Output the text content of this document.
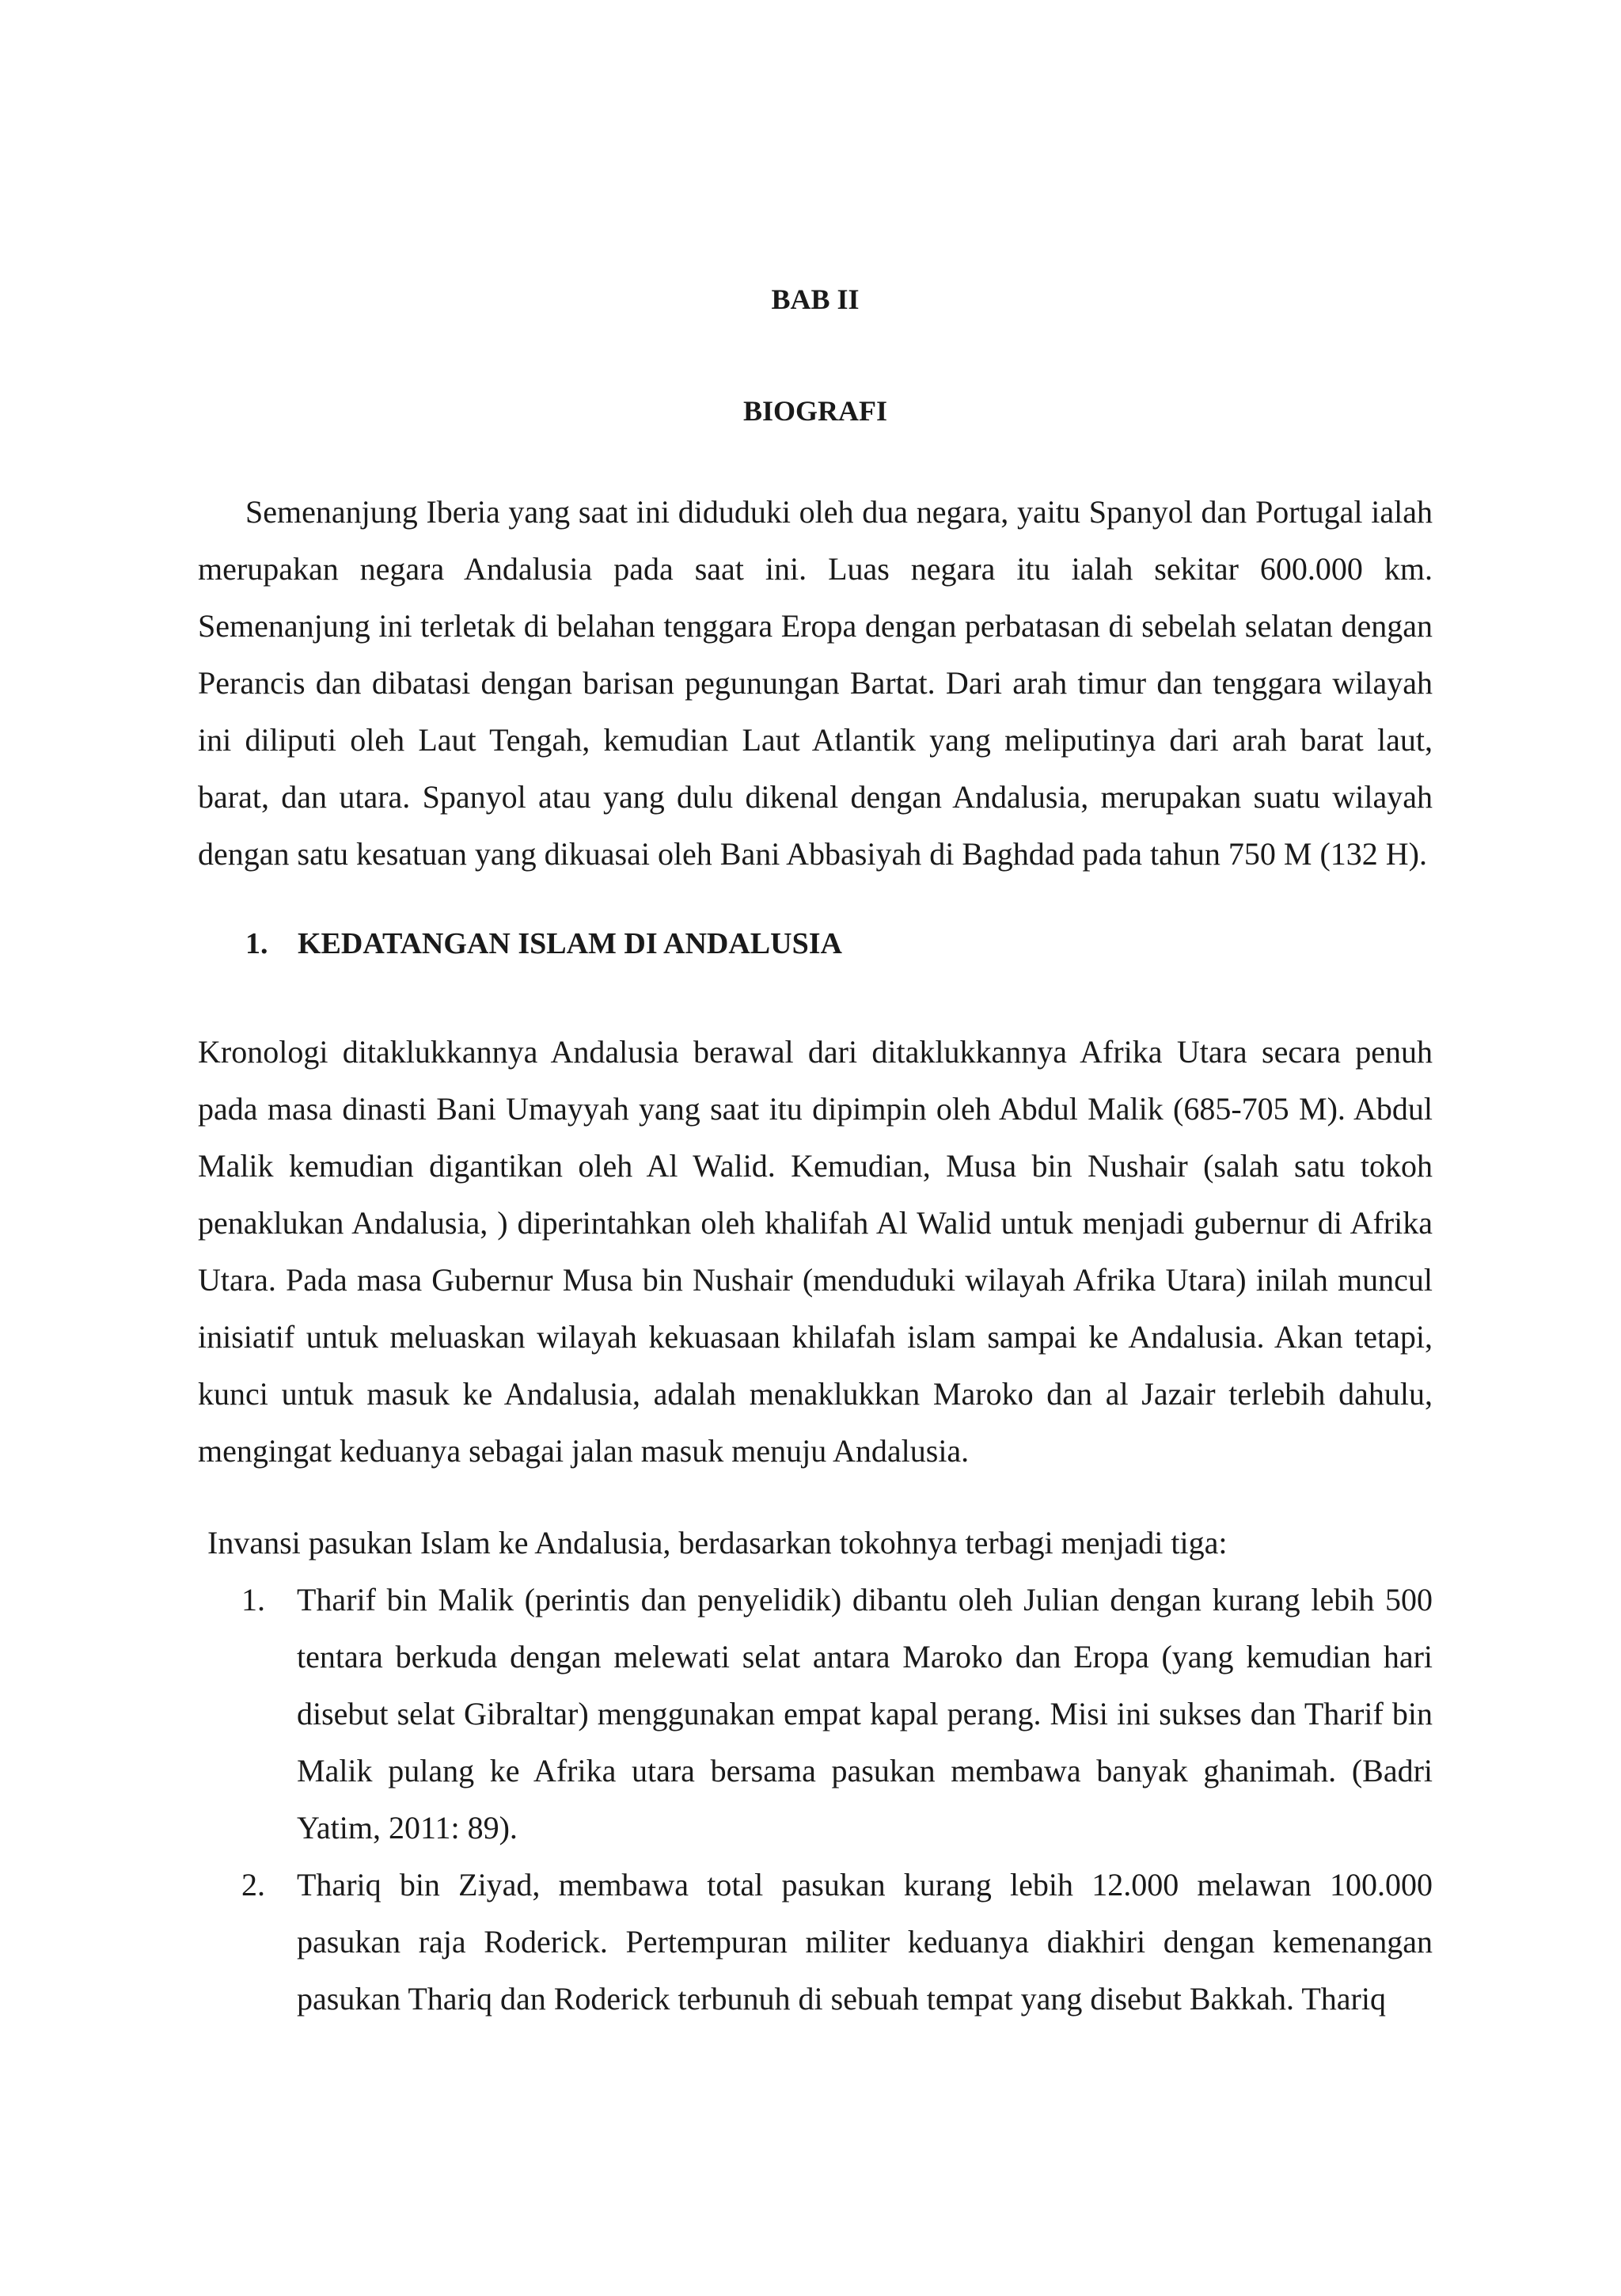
BAB II
BIOGRAFI

Semenanjung Iberia yang saat ini diduduki oleh dua negara, yaitu Spanyol dan Portugal ialah merupakan negara Andalusia pada saat ini. Luas negara itu ialah sekitar 600.000 km. Semenanjung ini terletak di belahan tenggara Eropa dengan perbatasan di sebelah selatan dengan Perancis dan dibatasi dengan barisan pegunungan Bartat. Dari arah timur dan tenggara wilayah ini diliputi oleh Laut Tengah, kemudian Laut Atlantik yang meliputinya dari arah barat laut, barat, dan utara. Spanyol atau yang dulu dikenal dengan Andalusia, merupakan suatu wilayah dengan satu kesatuan yang dikuasai oleh Bani Abbasiyah di Baghdad pada tahun 750 M (132 H).

1. KEDATANGAN ISLAM DI ANDALUSIA

Kronologi ditaklukkannya Andalusia berawal dari ditaklukkannya Afrika Utara secara penuh pada masa dinasti Bani Umayyah yang saat itu dipimpin oleh Abdul Malik (685-705 M). Abdul Malik kemudian digantikan oleh Al Walid. Kemudian, Musa bin Nushair (salah satu tokoh penaklukan Andalusia, ) diperintahkan oleh khalifah Al Walid untuk menjadi gubernur di Afrika Utara. Pada masa Gubernur Musa bin Nushair (menduduki wilayah Afrika Utara) inilah muncul inisiatif untuk meluaskan wilayah kekuasaan khilafah islam sampai ke Andalusia. Akan tetapi, kunci untuk masuk ke Andalusia, adalah menaklukkan Maroko dan al Jazair terlebih dahulu, mengingat keduanya sebagai jalan masuk menuju Andalusia.

Invansi pasukan Islam ke Andalusia, berdasarkan tokohnya terbagi menjadi tiga:

1.	Tharif bin Malik (perintis dan penyelidik) dibantu oleh Julian dengan kurang lebih 500 tentara berkuda dengan melewati selat antara Maroko dan Eropa (yang kemudian hari disebut selat Gibraltar) menggunakan empat kapal perang. Misi ini sukses dan Tharif bin Malik pulang ke Afrika utara bersama pasukan membawa banyak ghanimah. (Badri Yatim, 2011: 89).
2.	Thariq bin Ziyad, membawa total pasukan kurang lebih 12.000 melawan 100.000 pasukan raja Roderick. Pertempuran militer keduanya diakhiri dengan kemenangan pasukan Thariq dan Roderick terbunuh di sebuah tempat yang disebut Bakkah. Thariq
